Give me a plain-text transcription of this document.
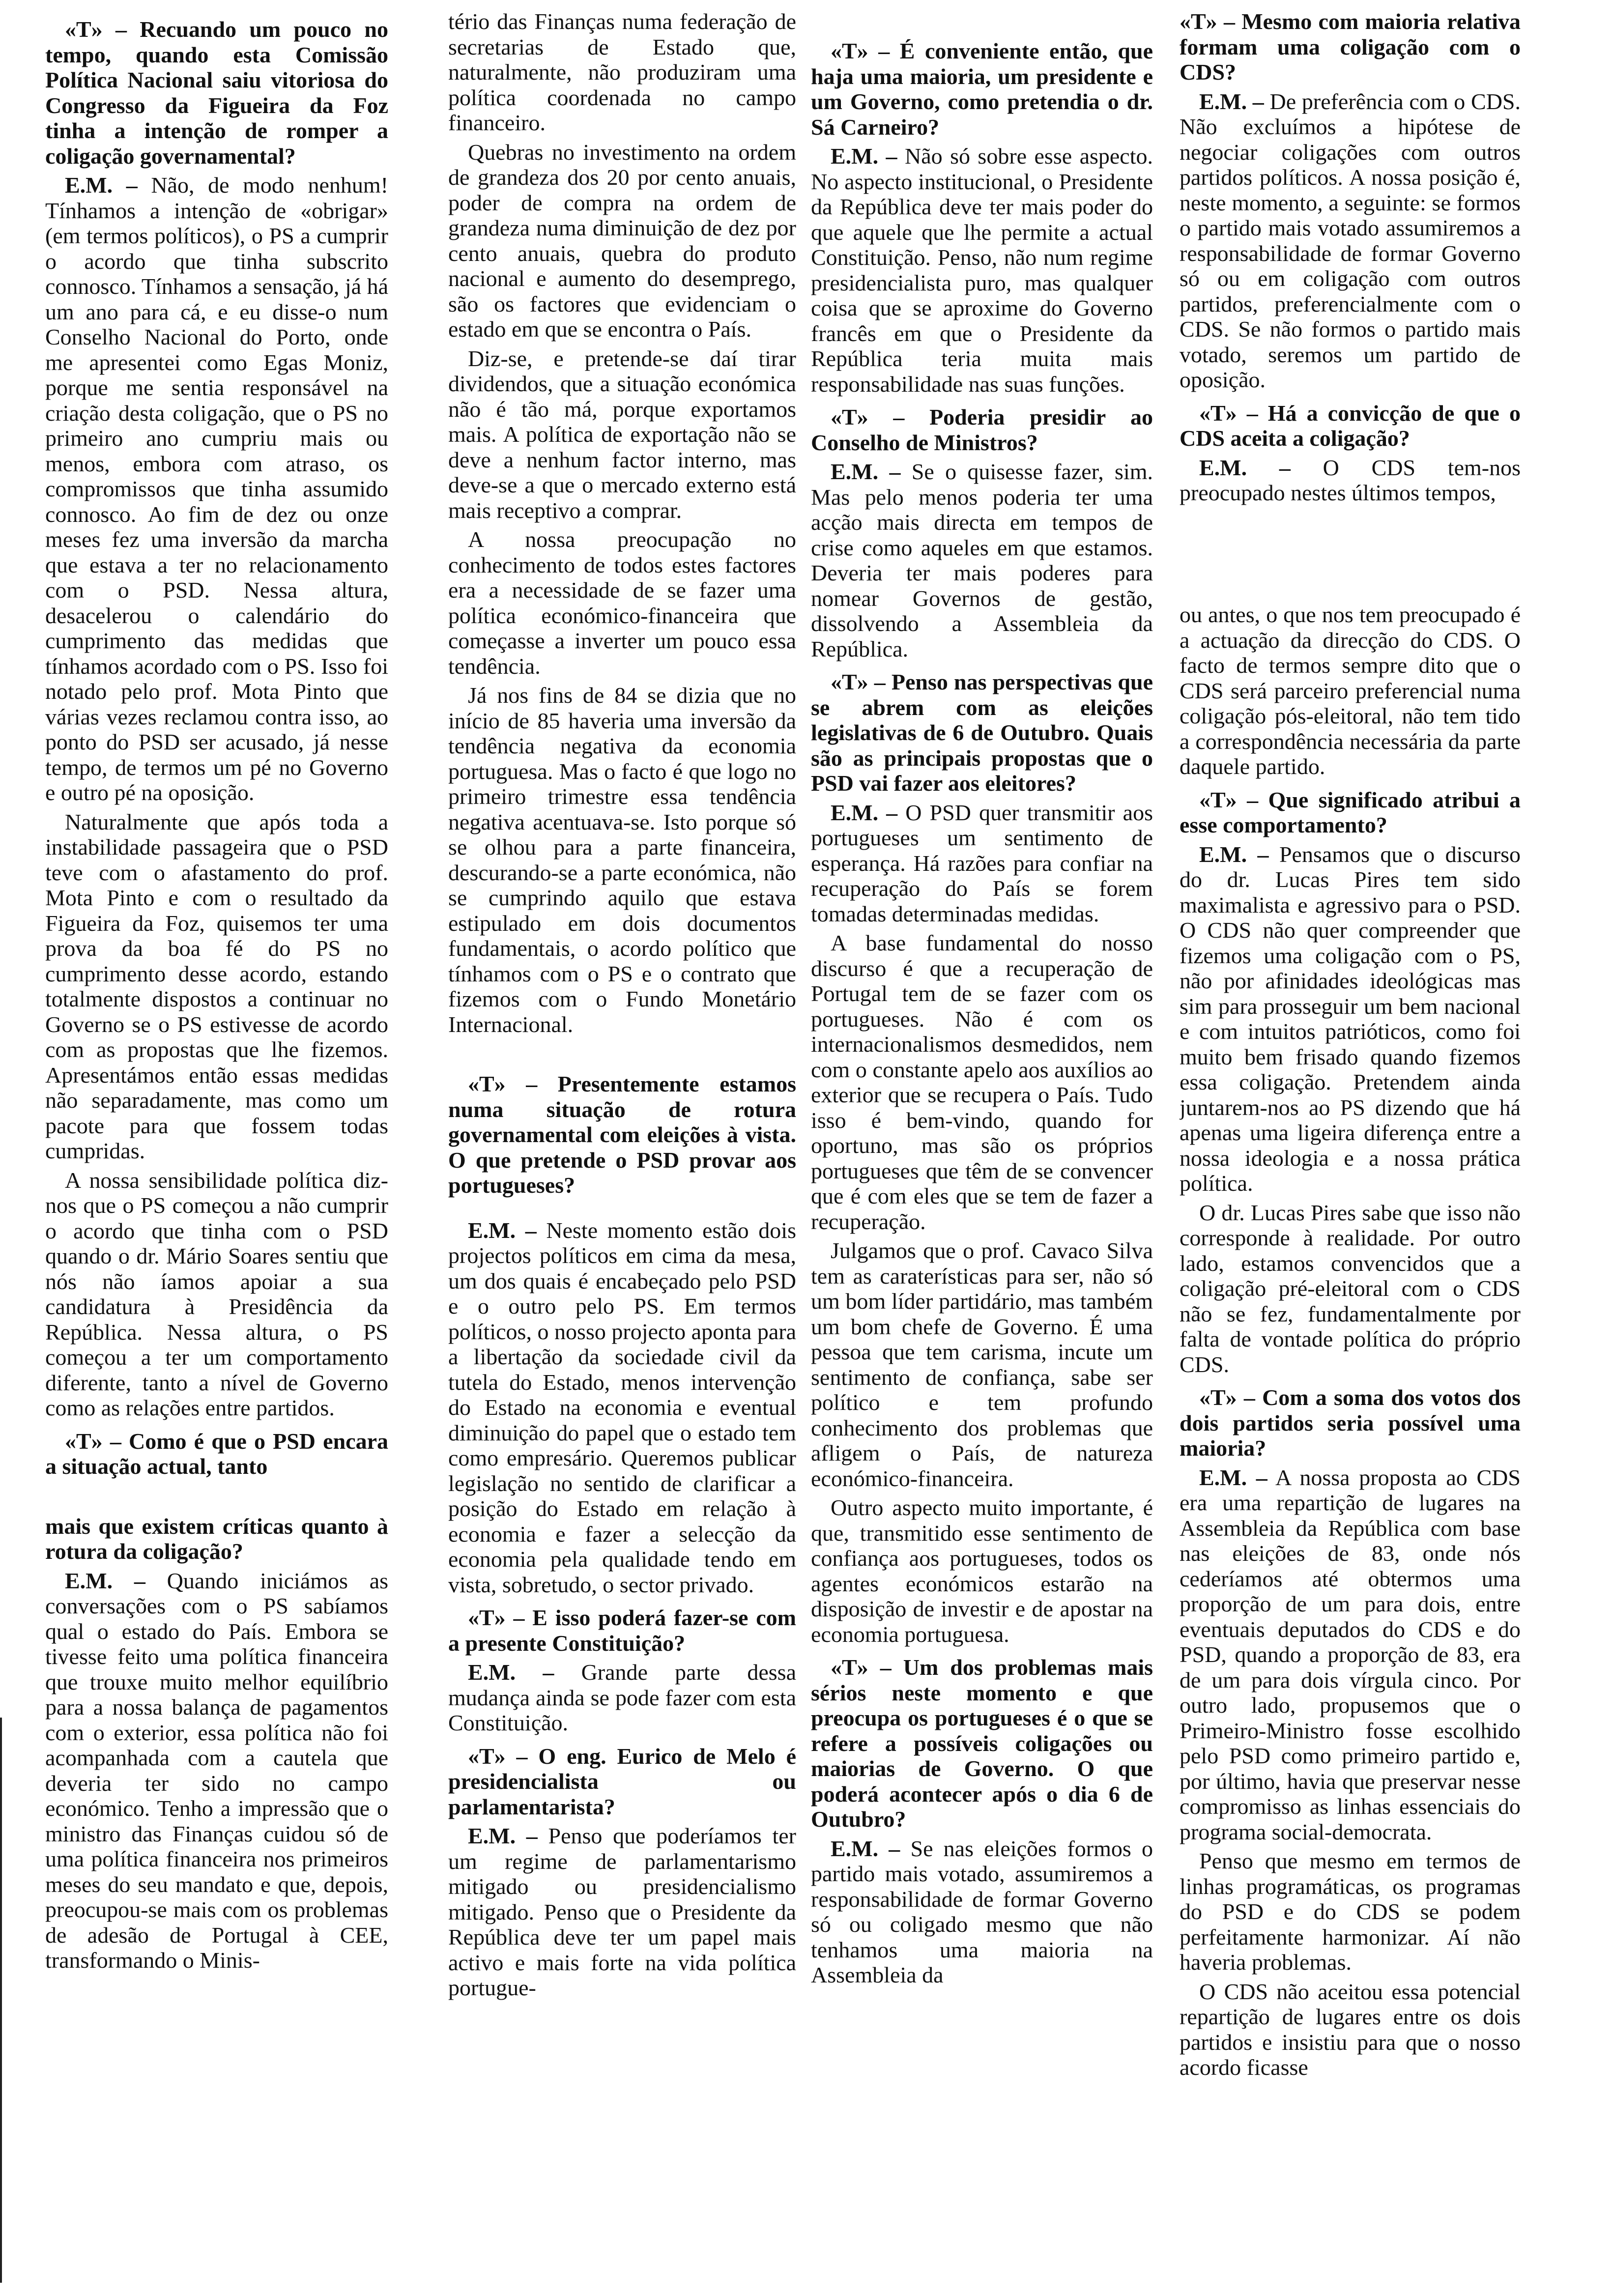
«T» – Recuando um pouco no tempo, quando esta Comissão Política Nacional saiu vitoriosa do Congresso da Figueira da Foz tinha a intenção de romper a coligação governamental?

E.M. – Não, de modo nenhum! Tínhamos a intenção de «obrigar» (em termos políticos), o PS a cumprir o acordo que tinha subscrito connosco. Tínhamos a sensação, já há um ano para cá, e eu disse-o num Conselho Nacional do Porto, onde me apresentei como Egas Moniz, porque me sentia responsável na criação desta coligação, que o PS no primeiro ano cumpriu mais ou menos, embora com atraso, os compromissos que tinha assumido connosco. Ao fim de dez ou onze meses fez uma inversão da marcha que estava a ter no relacionamento com o PSD. Nessa altura, desacelerou o calendário do cumprimento das medidas que tínhamos acordado com o PS. Isso foi notado pelo prof. Mota Pinto que várias vezes reclamou contra isso, ao ponto do PSD ser acusado, já nesse tempo, de termos um pé no Governo e outro pé na oposição.

Naturalmente que após toda a instabilidade passageira que o PSD teve com o afastamento do prof. Mota Pinto e com o resultado da Figueira da Foz, quisemos ter uma prova da boa fé do PS no cumprimento desse acordo, estando totalmente dispostos a continuar no Governo se o PS estivesse de acordo com as propostas que lhe fizemos. Apresentámos então essas medidas não separadamente, mas como um pacote para que fossem todas cumpridas.

A nossa sensibilidade política diz-nos que o PS começou a não cumprir o acordo que tinha com o PSD quando o dr. Mário Soares sentiu que nós não íamos apoiar a sua candidatura à Presidência da República. Nessa altura, o PS começou a ter um comportamento diferente, tanto a nível de Governo como as relações entre partidos.

«T» – Como é que o PSD encara a situação actual, tanto

mais que existem críticas quanto à rotura da coligação?

E.M. – Quando iniciámos as conversações com o PS sabíamos qual o estado do País. Embora se tivesse feito uma política financeira que trouxe muito melhor equilíbrio para a nossa balança de pagamentos com o exterior, essa política não foi acompanhada com a cautela que deveria ter sido no campo económico. Tenho a impressão que o ministro das Finanças cuidou só de uma política financeira nos primeiros meses do seu mandato e que, depois, preocupou-se mais com os problemas de adesão de Portugal à CEE, transformando o Minis-

tério das Finanças numa federação de secretarias de Estado que, naturalmente, não produziram uma política coordenada no campo financeiro.

Quebras no investimento na ordem de grandeza dos 20 por cento anuais, poder de compra na ordem de grandeza numa diminuição de dez por cento anuais, quebra do produto nacional e aumento do desemprego, são os factores que evidenciam o estado em que se encontra o País.

Diz-se, e pretende-se daí tirar dividendos, que a situação económica não é tão má, porque exportamos mais. A política de exportação não se deve a nenhum factor interno, mas deve-se a que o mercado externo está mais receptivo a comprar.

A nossa preocupação no conhecimento de todos estes factores era a necessidade de se fazer uma política económico-financeira que começasse a inverter um pouco essa tendência.

Já nos fins de 84 se dizia que no início de 85 haveria uma inversão da tendência negativa da economia portuguesa. Mas o facto é que logo no primeiro trimestre essa tendência negativa acentuava-se. Isto porque só se olhou para a parte financeira, descurando-se a parte económica, não se cumprindo aquilo que estava estipulado em dois documentos fundamentais, o acordo político que tínhamos com o PS e o contrato que fizemos com o Fundo Monetário Internacional.

«T» – Presentemente estamos numa situação de rotura governamental com eleições à vista. O que pretende o PSD provar aos portugueses?

E.M. – Neste momento estão dois projectos políticos em cima da mesa, um dos quais é encabeçado pelo PSD e o outro pelo PS. Em termos políticos, o nosso projecto aponta para a libertação da sociedade civil da tutela do Estado, menos intervenção do Estado na economia e eventual diminuição do papel que o estado tem como empresário. Queremos publicar legislação no sentido de clarificar a posição do Estado em relação à economia e fazer a selecção da economia pela qualidade tendo em vista, sobretudo, o sector privado.

«T» – E isso poderá fazer-se com a presente Constituição?

E.M. – Grande parte dessa mudança ainda se pode fazer com esta Constituição.

«T» – O eng. Eurico de Melo é presidencialista ou parlamentarista?

E.M. – Penso que poderíamos ter um regime de parlamentarismo mitigado ou presidencialismo mitigado. Penso que o Presidente da República deve ter um papel mais activo e mais forte na vida política portugue-

«T» – É conveniente então, que haja uma maioria, um presidente e um Governo, como pretendia o dr. Sá Carneiro?

E.M. – Não só sobre esse aspecto. No aspecto institucional, o Presidente da República deve ter mais poder do que aquele que lhe permite a actual Constituição. Penso, não num regime presidencialista puro, mas qualquer coisa que se aproxime do Governo francês em que o Presidente da República teria muita mais responsabilidade nas suas funções.

«T» – Poderia presidir ao Conselho de Ministros?

E.M. – Se o quisesse fazer, sim. Mas pelo menos poderia ter uma acção mais directa em tempos de crise como aqueles em que estamos. Deveria ter mais poderes para nomear Governos de gestão, dissolvendo a Assembleia da República.

«T» – Penso nas perspectivas que se abrem com as eleições legislativas de 6 de Outubro. Quais são as principais propostas que o PSD vai fazer aos eleitores?

E.M. – O PSD quer transmitir aos portugueses um sentimento de esperança. Há razões para confiar na recuperação do País se forem tomadas determinadas medidas.

A base fundamental do nosso discurso é que a recuperação de Portugal tem de se fazer com os portugueses. Não é com os internacionalismos desmedidos, nem com o constante apelo aos auxílios ao exterior que se recupera o País. Tudo isso é bem-vindo, quando for oportuno, mas são os próprios portugueses que têm de se convencer que é com eles que se tem de fazer a recuperação.

Julgamos que o prof. Cavaco Silva tem as caraterísticas para ser, não só um bom líder partidário, mas também um bom chefe de Governo. É uma pessoa que tem carisma, incute um sentimento de confiança, sabe ser político e tem profundo conhecimento dos problemas que afligem o País, de natureza económico-financeira.

Outro aspecto muito importante, é que, transmitido esse sentimento de confiança aos portugueses, todos os agentes económicos estarão na disposição de investir e de apostar na economia portuguesa.

«T» – Um dos problemas mais sérios neste momento e que preocupa os portugueses é o que se refere a possíveis coligações ou maiorias de Governo. O que poderá acontecer após o dia 6 de Outubro?

E.M. – Se nas eleições formos o partido mais votado, assumiremos a responsabilidade de formar Governo só ou coligado mesmo que não tenhamos uma maioria na Assembleia da

«T» – Mesmo com maioria relativa formam uma coligação com o CDS?

E.M. – De preferência com o CDS. Não excluímos a hipótese de negociar coligações com outros partidos políticos. A nossa posição é, neste momento, a seguinte: se formos o partido mais votado assumiremos a responsabilidade de formar Governo só ou em coligação com outros partidos, preferencialmente com o CDS. Se não formos o partido mais votado, seremos um partido de oposição.

«T» – Há a convicção de que o CDS aceita a coligação?

E.M. – O CDS tem-nos preocupado nestes últimos tempos,

ou antes, o que nos tem preocupado é a actuação da direcção do CDS. O facto de termos sempre dito que o CDS será parceiro preferencial numa coligação pós-eleitoral, não tem tido a correspondência necessária da parte daquele partido.

«T» – Que significado atribui a esse comportamento?

E.M. – Pensamos que o discurso do dr. Lucas Pires tem sido maximalista e agressivo para o PSD. O CDS não quer compreender que fizemos uma coligação com o PS, não por afinidades ideológicas mas sim para prosseguir um bem nacional e com intuitos patrióticos, como foi muito bem frisado quando fizemos essa coligação. Pretendem ainda juntarem-nos ao PS dizendo que há apenas uma ligeira diferença entre a nossa ideologia e a nossa prática política.

O dr. Lucas Pires sabe que isso não corresponde à realidade. Por outro lado, estamos convencidos que a coligação pré-eleitoral com o CDS não se fez, fundamentalmente por falta de vontade política do próprio CDS.

«T» – Com a soma dos votos dos dois partidos seria possível uma maioria?

E.M. – A nossa proposta ao CDS era uma repartição de lugares na Assembleia da República com base nas eleições de 83, onde nós cederíamos até obtermos uma proporção de um para dois, entre eventuais deputados do CDS e do PSD, quando a proporção de 83, era de um para dois vírgula cinco. Por outro lado, propusemos que o Primeiro-Ministro fosse escolhido pelo PSD como primeiro partido e, por último, havia que preservar nesse compromisso as linhas essenciais do programa social-democrata.

Penso que mesmo em termos de linhas programáticas, os programas do PSD e do CDS se podem perfeitamente harmonizar. Aí não haveria problemas.

O CDS não aceitou essa potencial repartição de lugares entre os dois partidos e insistiu para que o nosso acordo ficasse
